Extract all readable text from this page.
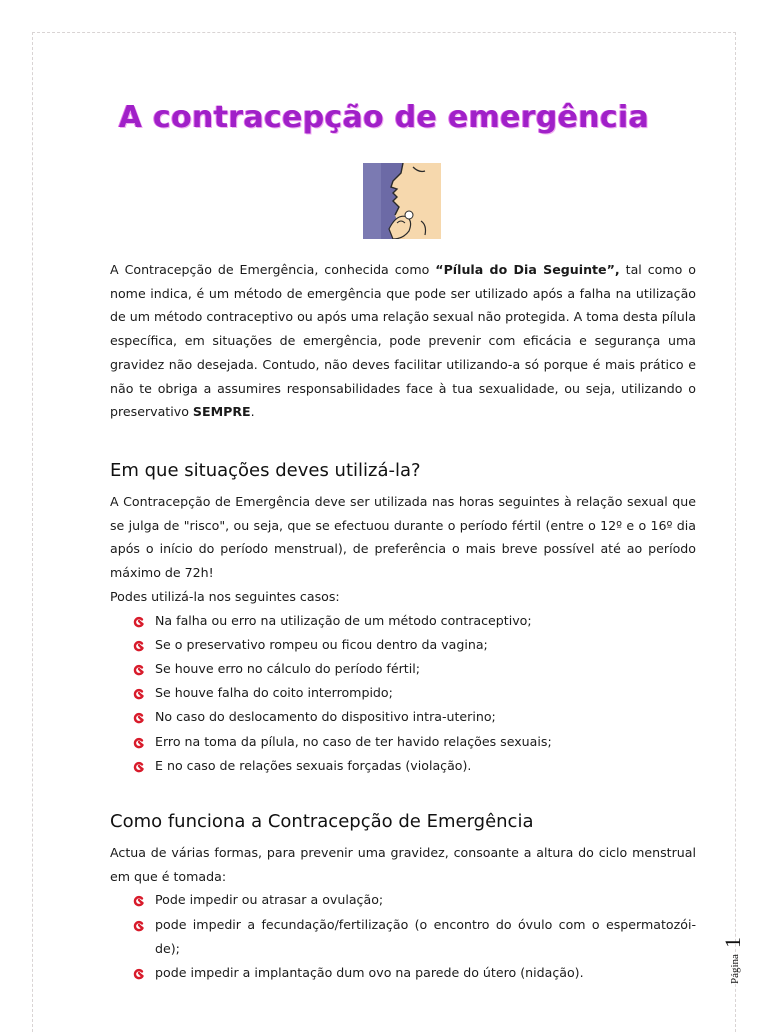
A contracepção de emergência

A Contracepção de Emergência, conhecida como “Pílula do Dia Seguinte”, tal como o nome indica, é um método de emergência que pode ser utilizado após a falha na utilização de um método contraceptivo ou após uma relação sexual não protegida. A toma desta pílula específica, em situações de emergência, pode prevenir com eficácia e segurança uma gravidez não desejada. Contudo, não deves facilitar utilizando-a só porque é mais prático e não te obriga a assumires responsabilidades face à tua sexualidade, ou seja, utilizando o preservativo SEMPRE.

Em que situações deves utilizá-la?

A Contracepção de Emergência deve ser utilizada nas horas seguintes à relação sexual que se julga de "risco", ou seja, que se efectuou durante o período fértil (entre o 12º e o 16º dia após o início do período menstrual), de preferência o mais breve possível até ao período máximo de 72h!

Podes utilizá-la nos seguintes casos:

Na falha ou erro na utilização de um método contraceptivo;
Se o preservativo rompeu ou ficou dentro da vagina;
Se houve erro no cálculo do período fértil;
Se houve falha do coito interrompido;
No caso do deslocamento do dispositivo intra-uterino;
Erro na toma da pílula, no caso de ter havido relações sexuais;
E no caso de relações sexuais forçadas (violação).
Como funciona a Contracepção de Emergência

Actua de várias formas, para prevenir uma gravidez, consoante a altura do ciclo menstrual em que é tomada:

Pode impedir ou atrasar a ovulação;
pode impedir a fecundação/fertilização (o encontro do óvulo com o espermatozói-de);
pode impedir a implantação dum ovo na parede do útero (nidação).	Página
1
